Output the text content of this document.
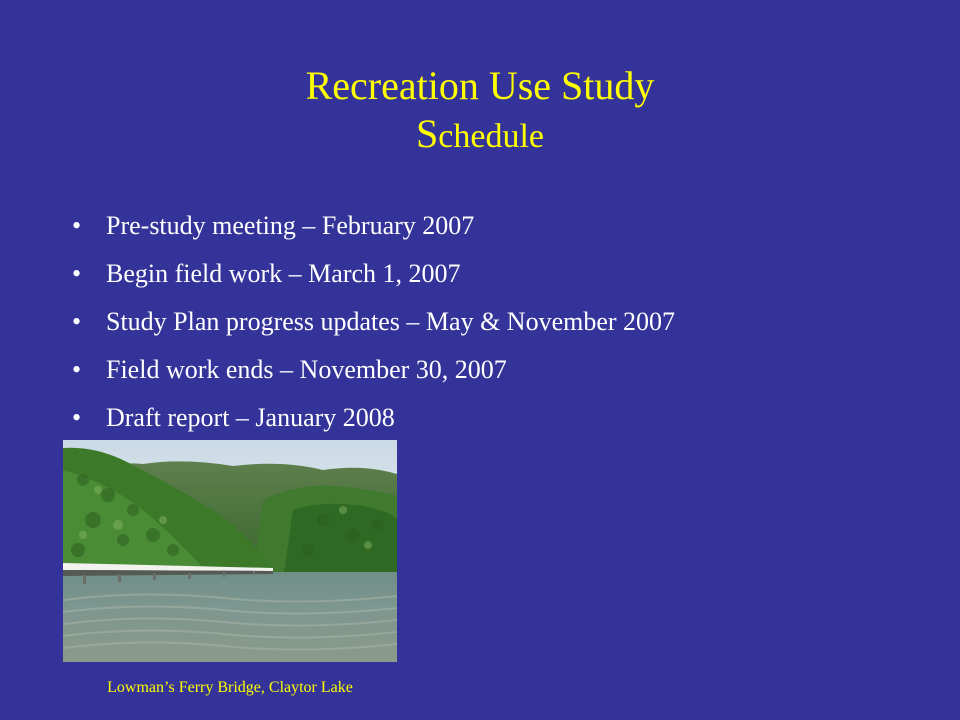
Recreation Use Study
Schedule
• Pre-study meeting – February 2007
• Begin field work – March 1, 2007
• Study Plan progress updates – May & November 2007
• Field work ends – November 30, 2007
• Draft report – January 2008
Lowman’s Ferry Bridge, Claytor Lake
